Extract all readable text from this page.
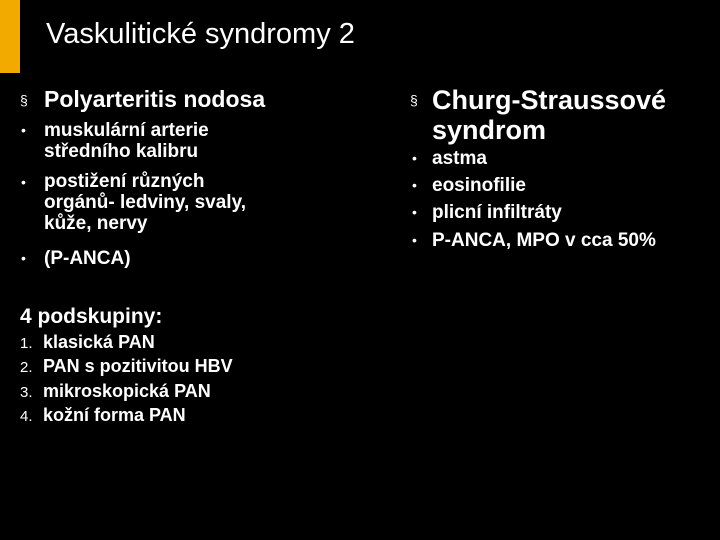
Vaskulitické syndromy 2
§ Polyarteritis nodosa
• muskulární arterie
středního kalibru
• postižení různých
orgánů- ledviny, svaly,
kůže, nervy
• (P-ANCA)
4 podskupiny:
1. klasická PAN
2. PAN s pozitivitou HBV
3. mikroskopická PAN
4. kožní forma PAN
§ Churg-Straussové
syndrom
• astma
• eosinofilie
• plicní infiltráty
• P-ANCA, MPO v cca 50%
